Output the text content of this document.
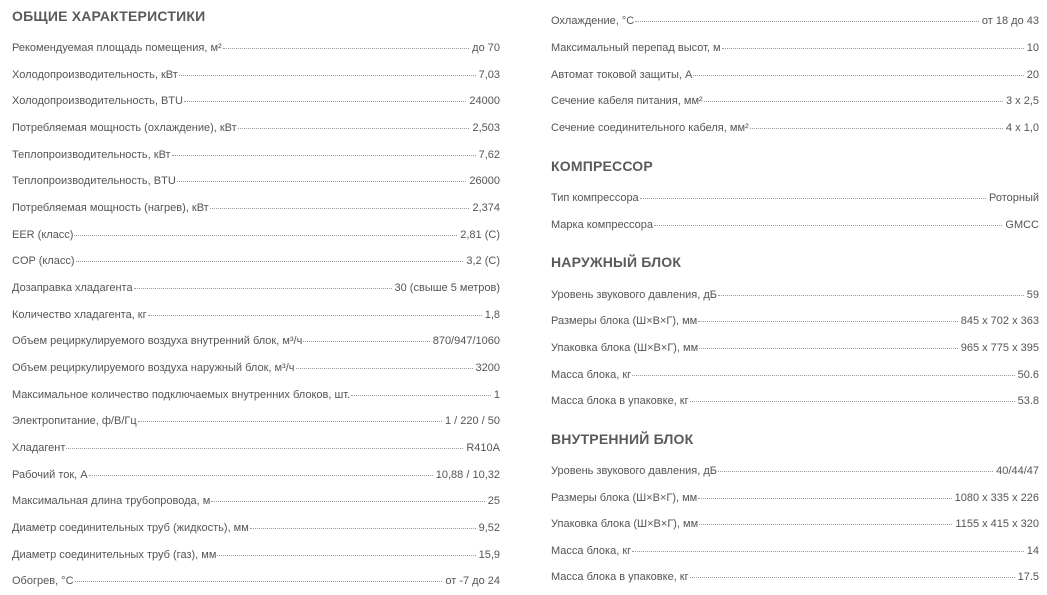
ОБЩИЕ ХАРАКТЕРИСТИКИ
Рекомендуемая площадь помещения, м²	до 70
Холодопроизводительность, кВт	7,03
Холодопроизводительность, BTU	24000
Потребляемая мощность (охлаждение), кВт	2,503
Теплопроизводительность, кВт	7,62
Теплопроизводительность, BTU	26000
Потребляемая мощность (нагрев), кВт	2,374
EER (класс)	2,81 (C)
COP (класс)	3,2 (C)
Дозаправка хладагента	30 (свыше 5 метров)
Количество хладагента, кг	1,8
Объем рециркулируемого воздуха внутренний блок, м³/ч	870/947/1060
Объем рециркулируемого воздуха наружный блок, м³/ч	3200
Максимальное количество подключаемых внутренних блоков, шт.	1
Электропитание, ф/В/Гц	1 / 220 / 50
Хладагент	R410A
Рабочий ток, А	10,88 / 10,32
Максимальная длина трубопровода, м	25
Диаметр соединительных труб (жидкость), мм	9,52
Диаметр соединительных труб (газ), мм	15,9
Обогрев, °C	от -7 до 24
Охлаждение, °C	от 18 до 43
Максимальный перепад высот, м	10
Автомат токовой защиты, А	20
Сечение кабеля питания, мм²	3 x 2,5
Сечение соединительного кабеля, мм²	4 x 1,0
КОМПРЕССОР
Тип компрессора	Роторный
Марка компрессора	GMCC
НАРУЖНЫЙ БЛОК
Уровень звукового давления, дБ	59
Размеры блока (Ш×В×Г), мм	845 x 702 x 363
Упаковка блока (Ш×В×Г), мм	965 x 775 x 395
Масса блока, кг	50.6
Масса блока в упаковке, кг	53.8
ВНУТРЕННИЙ БЛОК
Уровень звукового давления, дБ	40/44/47
Размеры блока (Ш×В×Г), мм	1080 x 335 x 226
Упаковка блока (Ш×В×Г), мм	1155 x 415 x 320
Масса блока, кг	14
Масса блока в упаковке, кг	17.5
